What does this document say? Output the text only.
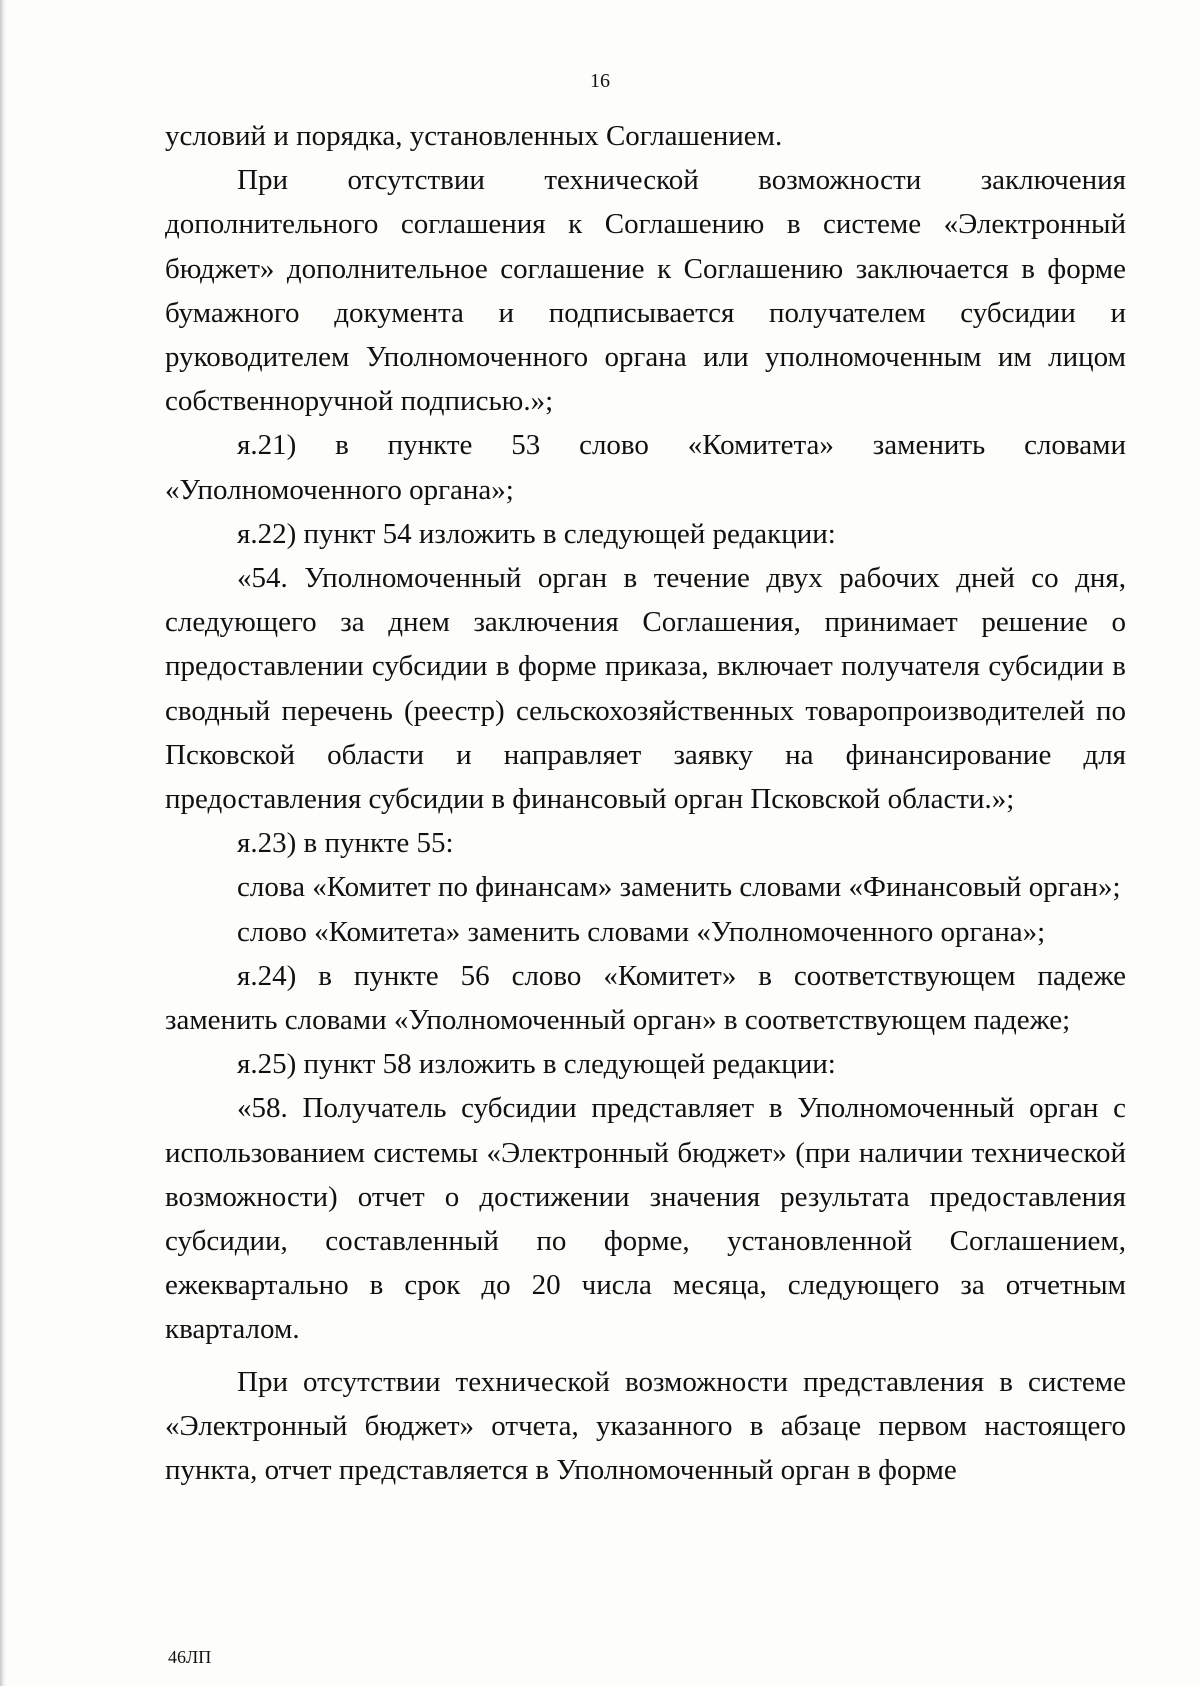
16

условий и порядка, установленных Соглашением.

При отсутствии технической возможности заключения дополнительного соглашения к Соглашению в системе «Электронный бюджет» дополнительное соглашение к Соглашению заключается в форме бумажного документа и подписывается получателем субсидии и руководителем Уполномоченного органа или уполномоченным им лицом собственноручной подписью.»;

я.21) в пункте 53 слово «Комитета» заменить словами «Уполномоченного органа»;

я.22) пункт 54 изложить в следующей редакции:

«54. Уполномоченный орган в течение двух рабочих дней со дня, следующего за днем заключения Соглашения, принимает решение о предоставлении субсидии в форме приказа, включает получателя субсидии в сводный перечень (реестр) сельскохозяйственных товаропроизводителей по Псковской области и направляет заявку на финансирование для предоставления субсидии в финансовый орган Псковской области.»;

я.23) в пункте 55:

слова «Комитет по финансам» заменить словами «Финансовый орган»;

слово «Комитета» заменить словами «Уполномоченного органа»;

я.24) в пункте 56 слово «Комитет» в соответствующем падеже заменить словами «Уполномоченный орган» в соответствующем падеже;

я.25) пункт 58 изложить в следующей редакции:

«58. Получатель субсидии представляет в Уполномоченный орган с использованием системы «Электронный бюджет» (при наличии технической возможности) отчет о достижении значения результата предоставления субсидии, составленный по форме, установленной Соглашением, ежеквартально в срок до 20 числа месяца, следующего за отчетным кварталом.

При отсутствии технической возможности представления в системе «Электронный бюджет» отчета, указанного в абзаце первом настоящего пункта, отчет представляется в Уполномоченный орган в форме

46ЛП
